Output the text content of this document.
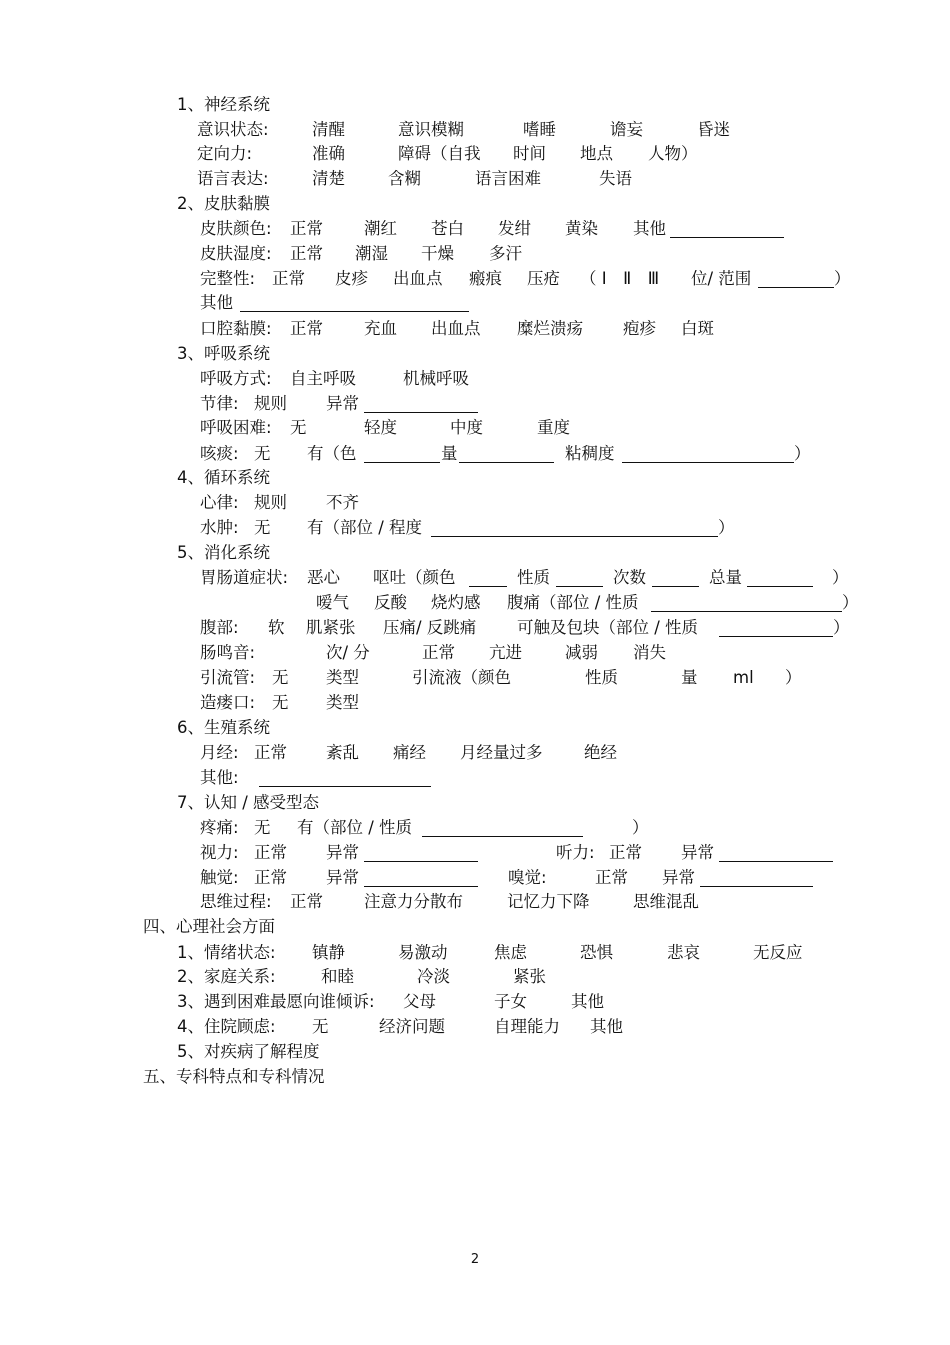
1、神经系统
意识状态:	清醒	意识模糊	嗜睡	谵妄	昏迷
定向力:	准确	障碍（自我 时间 地点 人物）
语言表达:	清楚	含糊	语言困难	失语
2、皮肤黏膜
皮肤颜色: 正常 潮红 苍白 发绀 黄染 其他
皮肤湿度: 正常 潮湿 干燥 多汗
完整性: 正常 皮疹 出血点 瘢痕 压疮 （ Ⅰ　Ⅱ　Ⅲ 位/ 范围	）
其他
口腔黏膜: 正常 充血 出血点 糜烂溃疡 疱疹 白斑
3、呼吸系统
呼吸方式: 自主呼吸	机械呼吸
节律: 规则 异常
呼吸困难: 无	轻度	中度	重度
咳痰: 无 有（色	量	粘稠度	）
4、循环系统
心律: 规则 不齐
水肿: 无 有（部位 / 程度	）
5、消化系统
胃肠道症状: 恶心 呕吐（颜色	性质	次数	总量	）
嗳气 反酸 烧灼感 腹痛（部位 / 性质	）
腹部: 软 肌紧张 压痛/ 反跳痛 可触及包块（部位 / 性质	）
肠鸣音:	次/ 分	正常 亢进	减弱 消失
引流管: 无 类型	引流液（颜色	性质	量 ml ）
造瘘口: 无 类型
6、生殖系统
月经: 正常 紊乱 痛经 月经量过多	绝经
其他:
7、认知 / 感受型态
疼痛: 无 有（部位 / 性质	）
视力: 正常 异常	听力: 正常 异常
触觉: 正常 异常	嗅觉:	正常 异常
思维过程: 正常 注意力分散布	记忆力下降	思维混乱
四、心理社会方面
1、情绪状态: 镇静	易激动	焦虑	恐惧	悲哀	无反应
2、家庭关系:	和睦	冷淡	紧张
3、遇到困难最愿向谁倾诉: 父母	子女	其他
4、住院顾虑: 无	经济问题	自理能力 其他
5、对疾病了解程度
五、专科特点和专科情况
2
